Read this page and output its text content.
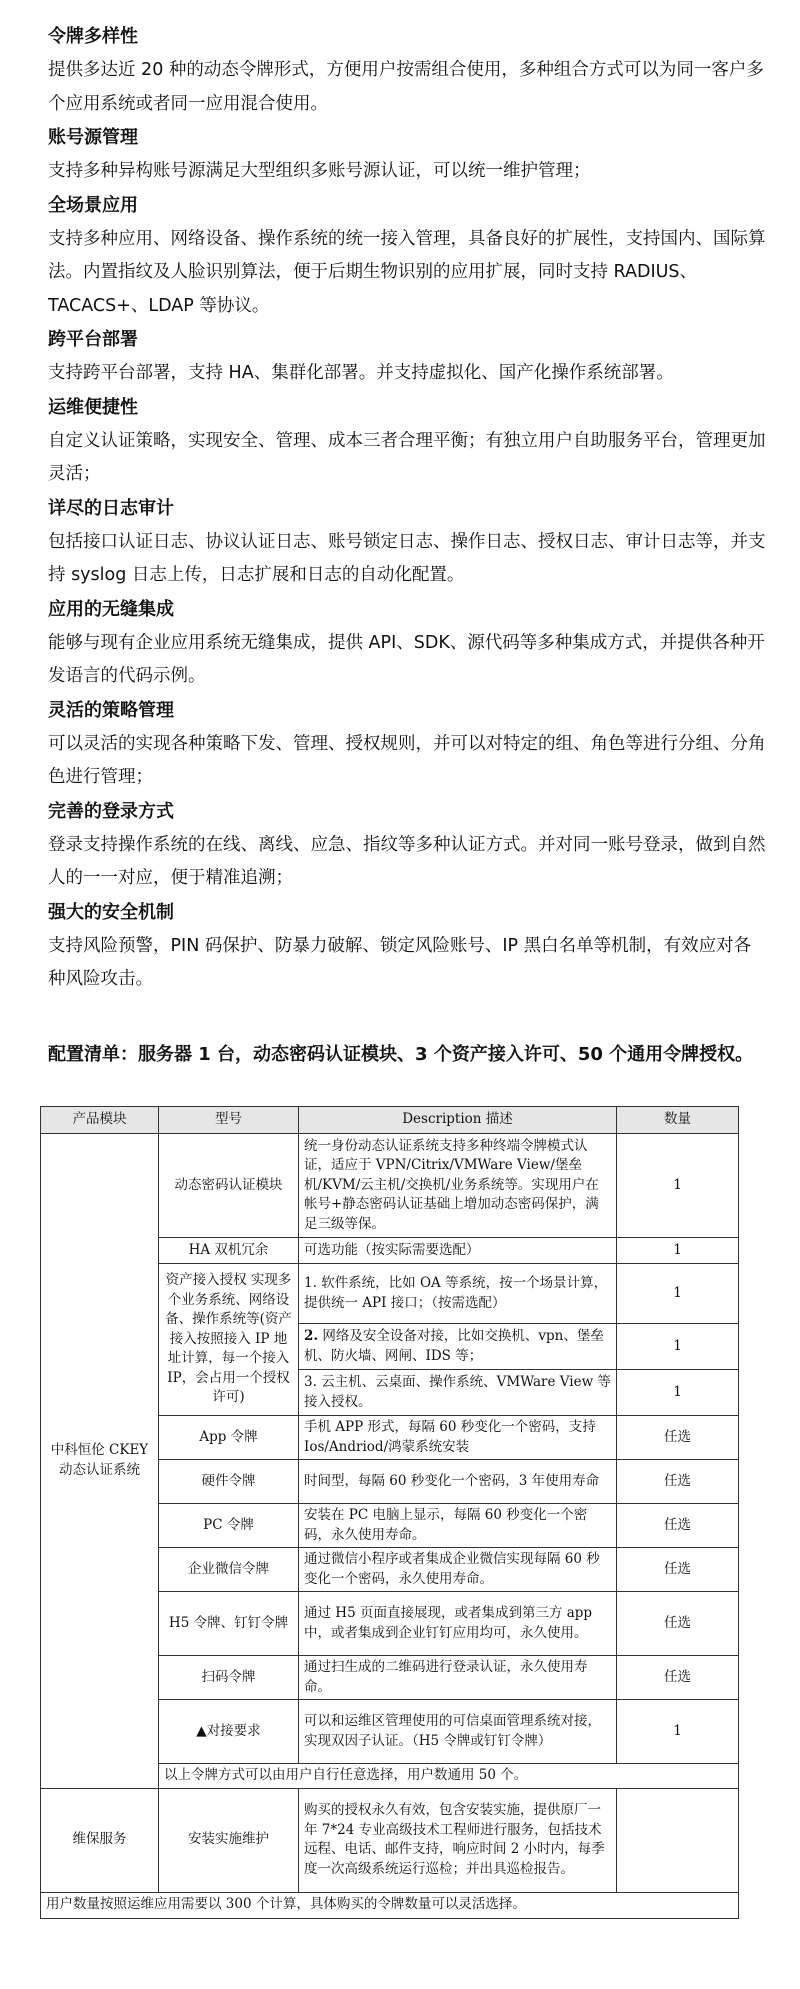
令牌多样性

提供多达近 20 种的动态令牌形式，方便用户按需组合使用，多种组合方式可以为同一客户多个应用系统或者同一应用混合使用。

账号源管理

支持多种异构账号源满足大型组织多账号源认证，可以统一维护管理；

全场景应用

支持多种应用、网络设备、操作系统的统一接入管理，具备良好的扩展性，支持国内、国际算法。内置指纹及人脸识别算法，便于后期生物识别的应用扩展，同时支持 RADIUS、TACACS+、LDAP 等协议。

跨平台部署

支持跨平台部署，支持 HA、集群化部署。并支持虚拟化、国产化操作系统部署。

运维便捷性

自定义认证策略，实现安全、管理、成本三者合理平衡；有独立用户自助服务平台，管理更加灵活；

详尽的日志审计

包括接口认证日志、协议认证日志、账号锁定日志、操作日志、授权日志、审计日志等，并支持 syslog 日志上传，日志扩展和日志的自动化配置。

应用的无缝集成

能够与现有企业应用系统无缝集成，提供 API、SDK、源代码等多种集成方式，并提供各种开发语言的代码示例。

灵活的策略管理

可以灵活的实现各种策略下发、管理、授权规则，并可以对特定的组、角色等进行分组、分角色进行管理；

完善的登录方式

登录支持操作系统的在线、离线、应急、指纹等多种认证方式。并对同一账号登录，做到自然人的一一对应，便于精准追溯；

强大的安全机制

支持风险预警，PIN 码保护、防暴力破解、锁定风险账号、IP 黑白名单等机制，有效应对各种风险攻击。

配置清单：服务器 1 台，动态密码认证模块、3 个资产接入许可、50 个通用令牌授权。
产品模块	型号	Description 描述	数量
中科恒伦 CKEY 动态认证系统	动态密码认证模块	统一身份动态认证系统支持多种终端令牌模式认证，适应于 VPN/Citrix/VMWare View/堡垒机/KVM/云主机/交换机/业务系统等。实现用户在帐号+静态密码认证基础上增加动态密码保护，满足三级等保。	1
	HA 双机冗余	可选功能（按实际需要选配）	1
	资产接入授权 实现多个业务系统、网络设备、操作系统等(资产接入按照接入 IP 地址计算，每一个接入 IP，会占用一个授权许可)	1. 软件系统，比如 OA 等系统，按一个场景计算，提供统一 API 接口；（按需选配）	1
		2. 网络及安全设备对接，比如交换机、vpn、堡垒机、防火墙、网闸、IDS 等；	1
		3. 云主机、云桌面、操作系统、VMWare View 等接入授权。	1
	App 令牌	手机 APP 形式，每隔 60 秒变化一个密码，支持 Ios/Andriod/鸿蒙系统安装	任选
	硬件令牌	时间型，每隔 60 秒变化一个密码，3 年使用寿命	任选
	PC 令牌	安装在 PC 电脑上显示，每隔 60 秒变化一个密码，永久使用寿命。	任选
	企业微信令牌	通过微信小程序或者集成企业微信实现每隔 60 秒变化一个密码，永久使用寿命。	任选
	H5 令牌、钉钉令牌	通过 H5 页面直接展现，或者集成到第三方 app 中，或者集成到企业钉钉应用均可，永久使用。	任选
	扫码令牌	通过扫生成的二维码进行登录认证，永久使用寿命。	任选
	▲对接要求	可以和运维区管理使用的可信桌面管理系统对接，实现双因子认证。（H5 令牌或钉钉令牌）	1
	以上令牌方式可以由用户自行任意选择，用户数通用 50 个。		
维保服务	安装实施维护	购买的授权永久有效，包含安装实施，提供原厂一年 7*24 专业高级技术工程师进行服务，包括技术远程、电话、邮件支持，响应时间 2 小时内，每季度一次高级系统运行巡检；并出具巡检报告。	
用户数量按照运维应用需要以 300 个计算，具体购买的令牌数量可以灵活选择。			
